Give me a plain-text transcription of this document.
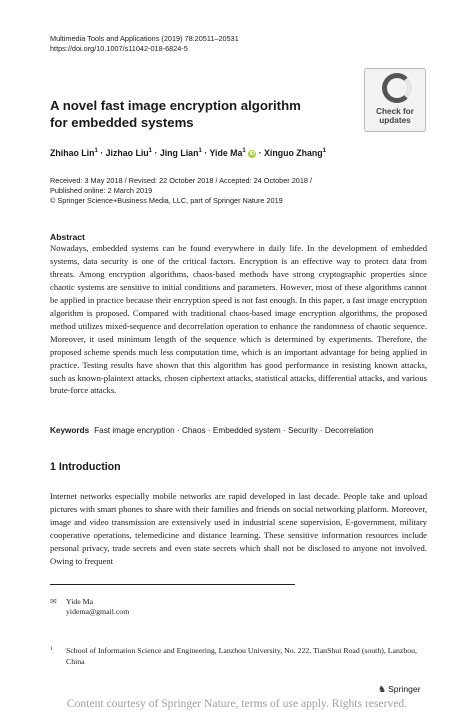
Multimedia Tools and Applications (2019) 78:20511–20531
https://doi.org/10.1007/s11042-018-6824-5
Check for
updates
A novel fast image encryption algorithm
for embedded systems
Zhihao Lin$^1$ · Jizhao Liu$^1$ · Jing Lian$^1$ · Yide Ma$^1$ iD · Xinguo Zhang$^1$
Received: 3 May 2018 / Revised: 22 October 2018 / Accepted: 24 October 2018 /
Published online: 2 March 2019
© Springer Science+Business Media, LLC, part of Springer Nature 2019
Abstract
Nowadays, embedded systems can be found everywhere in daily life. In the development of embedded systems, data security is one of the critical factors. Encryption is an effective way to protect data from threats. Among encryption algorithms, chaos-based methods have strong cryptographic properties since chaotic systems are sensitive to initial conditions and parameters. However, most of these algorithms cannot be applied in practice because their encryption speed is not fast enough. In this paper, a fast image encryption algorithm is proposed. Compared with traditional chaos-based image encryption algorithms, the proposed method utilizes mixed-sequence and decorrelation operation to enhance the randomness of chaotic sequence. Moreover, it used minimum length of the sequence which is determined by experiments. Therefore, the proposed scheme spends much less computation time, which is an important advantage for being applied in practice. Testing results have shown that this algorithm has good performance in resisting known attacks, such as known-plaintext attacks, chosen ciphertext attacks, statistical attacks, differential attacks, and various brute-force attacks.
Keywords Fast image encryption · Chaos · Embedded system · Security · Decorrelation
1 Introduction
Internet networks especially mobile networks are rapid developed in last decade. People take and upload pictures with smart phones to share with their families and friends on social networking platform. Moreover, image and video transmission are extensively used in industrial scene supervision, E-government, military cooperative operations, telemedicine and distance learning. These sensitive information resources include personal privacy, trade secrets and even state secrets which shall not be disclosed to anyone not involved. Owing to frequent
✉ Yide Ma
yidema@gmail.com
1	School of Information Science and Engineering, Lanzhou University, No. 222, TianShui Road (south), Lanzhou, China
♞ Springer
Content courtesy of Springer Nature, terms of use apply. Rights reserved.
